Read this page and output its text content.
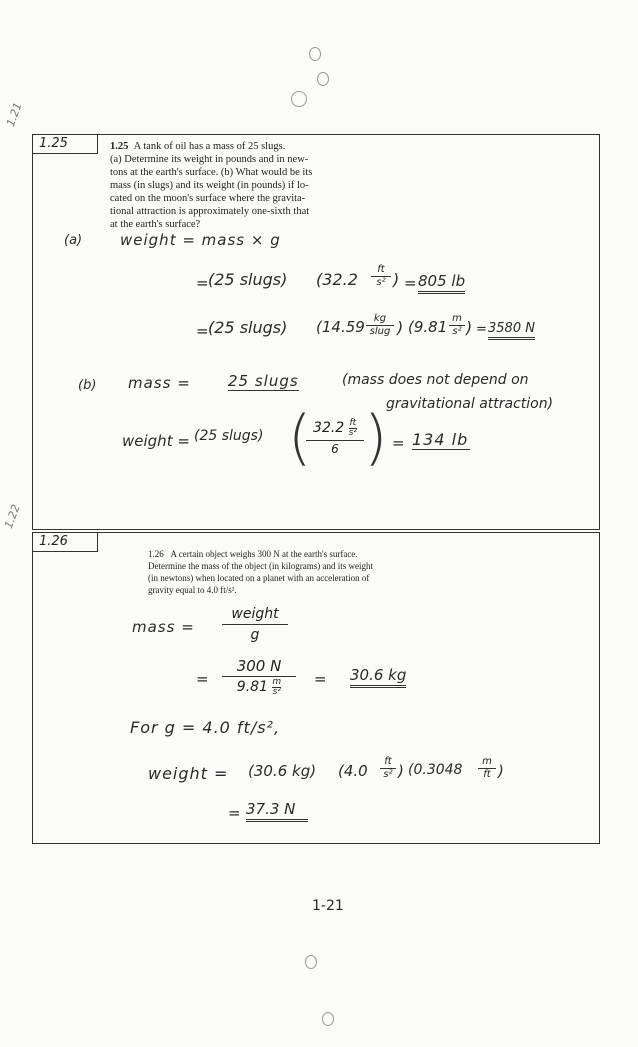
1.21
1.22
1.25	1.25 A tank of oil has a mass of 25 slugs.
(a) Determine its weight in pounds and in new-
tons at the earth's surface. (b) What would be its
mass (in slugs) and its weight (in pounds) if lo-
cated on the moon's surface where the gravita-
tional attraction is approximately one-sixth that
at the earth's surface?
(a)	weight = mass × g
= (25 slugs) ($32.2 \frac{ft}{\text{s²}}$ ) = 805 lb
= (25 slugs) (14.59 kg
slug ) ($9.81 \frac{m}{\text{s²}}$ ) = 3580 N
(b) mass = 25 slugs	(mass does not depend on
gravitational attraction)
weight = (25 slugs) (
$\frac{32.2 \frac{ft}{\text{s²}}}{6}$ ) = 134 lb
1.26
1.26 A certain object weighs 300 N at the earth's surface.
Determine the mass of the object (in kilograms) and its weight
(in newtons) when located on a planet with an acceleration of
gravity equal to 4.0 ft/s².
mass =
weight
g
= $\frac{300 N}{9.81 \frac{m}{\text{s²}}} = 30.6$ kg
For g = 4.0 ft/s²,
weight = (30.6 kg) ($4.0 \frac{ft}{\text{s²}}$ ) ($0.3048 \frac{m}{ft}$ )
= 37.3 N
1-21
